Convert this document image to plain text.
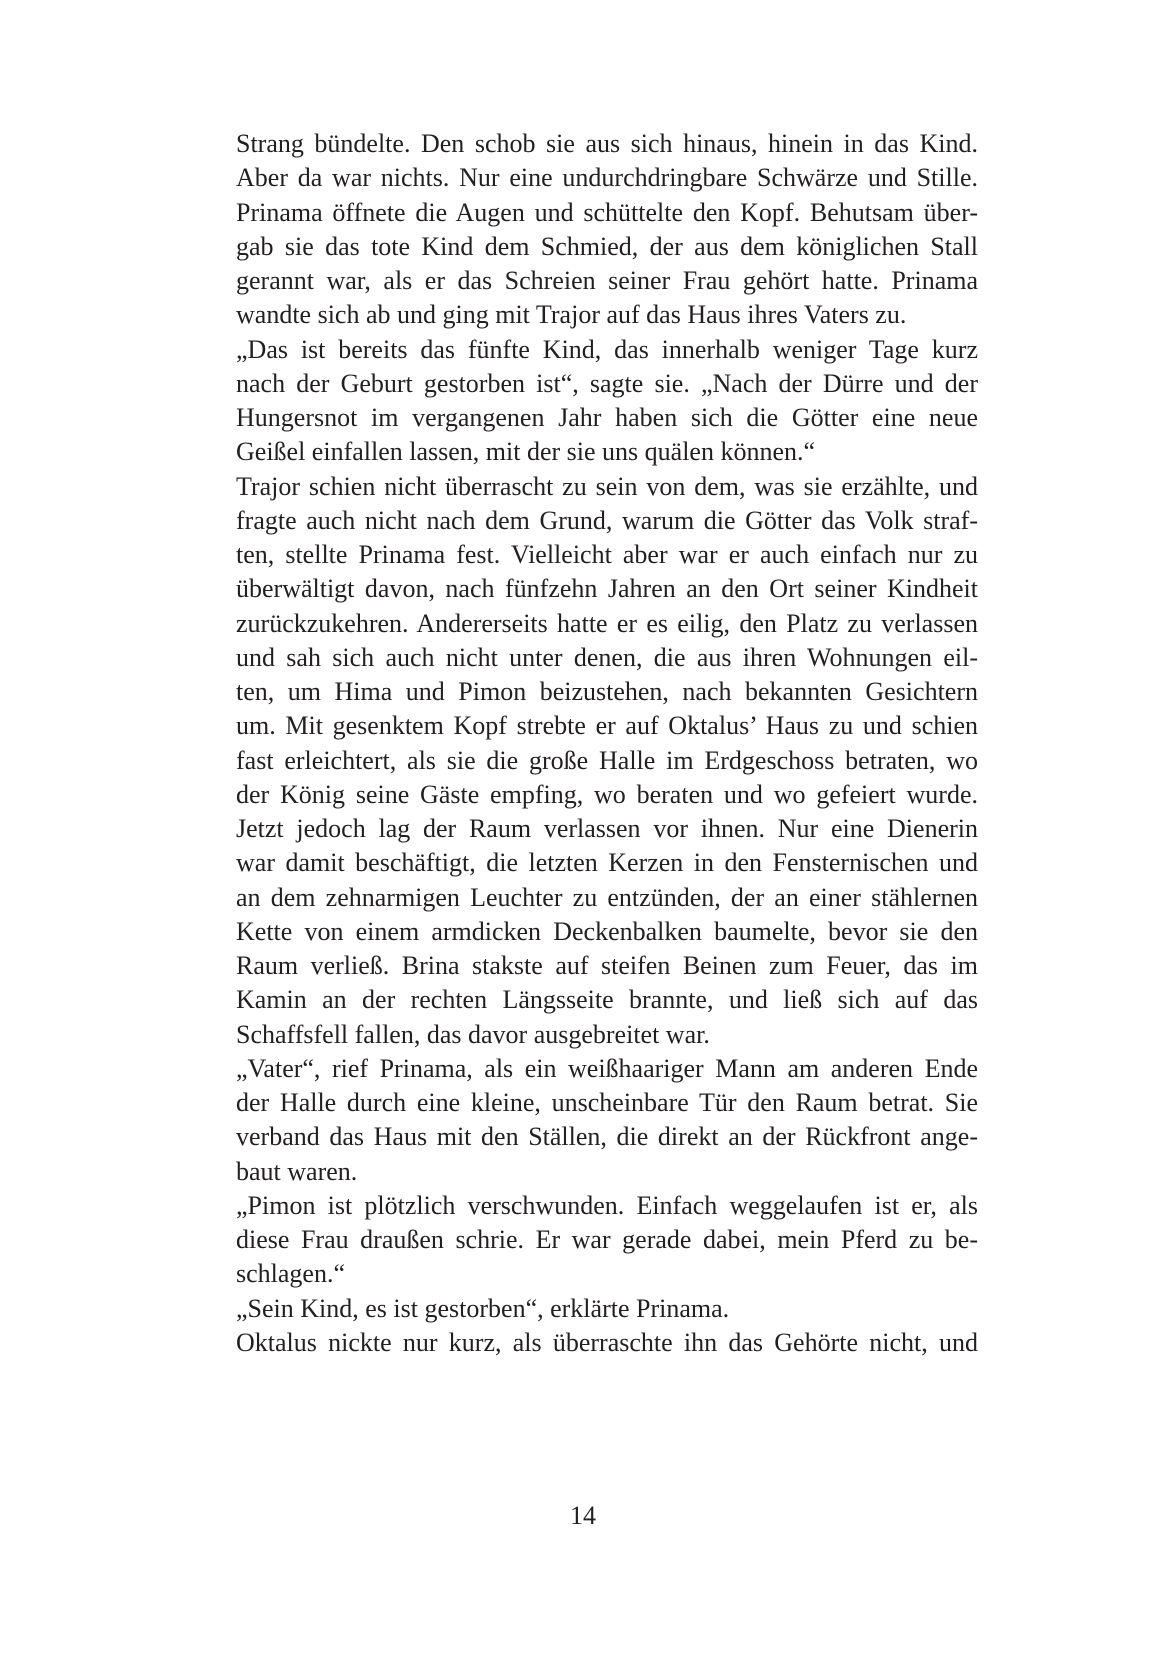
Strang bündelte. Den schob sie aus sich hinaus, hinein in das Kind.
Aber da war nichts. Nur eine undurchdringbare Schwärze und Stille.
Prinama öffnete die Augen und schüttelte den Kopf. Behutsam über-
gab sie das tote Kind dem Schmied, der aus dem königlichen Stall
gerannt war, als er das Schreien seiner Frau gehört hatte. Prinama
wandte sich ab und ging mit Trajor auf das Haus ihres Vaters zu.
„Das ist bereits das fünfte Kind, das innerhalb weniger Tage kurz
nach der Geburt gestorben ist“, sagte sie. „Nach der Dürre und der
Hungersnot im vergangenen Jahr haben sich die Götter eine neue
Geißel einfallen lassen, mit der sie uns quälen können.“
Trajor schien nicht überrascht zu sein von dem, was sie erzählte, und
fragte auch nicht nach dem Grund, warum die Götter das Volk straf-
ten, stellte Prinama fest. Vielleicht aber war er auch einfach nur zu
überwältigt davon, nach fünfzehn Jahren an den Ort seiner Kindheit
zurückzukehren. Andererseits hatte er es eilig, den Platz zu verlassen
und sah sich auch nicht unter denen, die aus ihren Wohnungen eil-
ten, um Hima und Pimon beizustehen, nach bekannten Gesichtern
um. Mit gesenktem Kopf strebte er auf Oktalus’ Haus zu und schien
fast erleichtert, als sie die große Halle im Erdgeschoss betraten, wo
der König seine Gäste empfing, wo beraten und wo gefeiert wurde.
Jetzt jedoch lag der Raum verlassen vor ihnen. Nur eine Dienerin
war damit beschäftigt, die letzten Kerzen in den Fensternischen und
an dem zehnarmigen Leuchter zu entzünden, der an einer stählernen
Kette von einem armdicken Deckenbalken baumelte, bevor sie den
Raum verließ. Brina stakste auf steifen Beinen zum Feuer, das im
Kamin an der rechten Längsseite brannte, und ließ sich auf das
Schaffsfell fallen, das davor ausgebreitet war.
„Vater“, rief Prinama, als ein weißhaariger Mann am anderen Ende
der Halle durch eine kleine, unscheinbare Tür den Raum betrat. Sie
verband das Haus mit den Ställen, die direkt an der Rückfront ange-
baut waren.
„Pimon ist plötzlich verschwunden. Einfach weggelaufen ist er, als
diese Frau draußen schrie. Er war gerade dabei, mein Pferd zu be-
schlagen.“
„Sein Kind, es ist gestorben“, erklärte Prinama.
Oktalus nickte nur kurz, als überraschte ihn das Gehörte nicht, und
14
